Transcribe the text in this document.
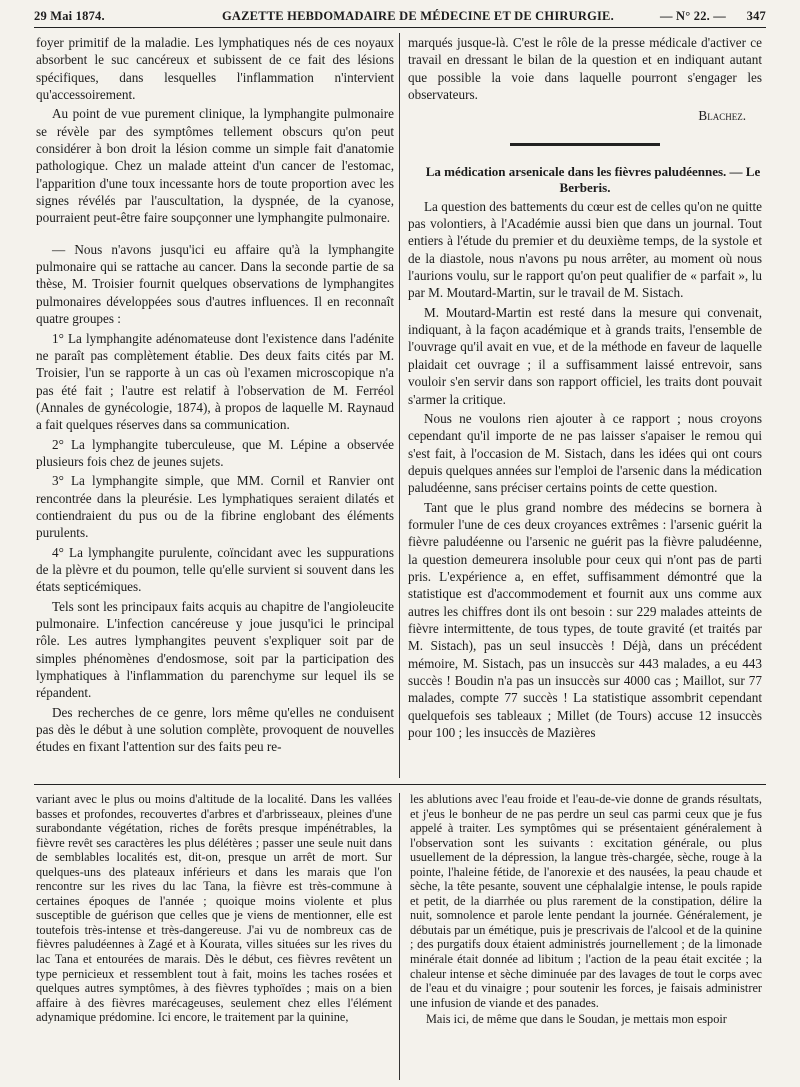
29 Mai 1874.	GAZETTE HEBDOMADAIRE DE MÉDECINE ET DE CHIRURGIE.	— N° 22. — 347

foyer primitif de la maladie. Les lymphatiques nés de ces noyaux absorbent le suc cancéreux et subissent de ce fait des lésions spécifiques, dans lesquelles l'inflammation n'intervient qu'accessoirement.

Au point de vue purement clinique, la lymphangite pulmonaire se révèle par des symptômes tellement obscurs qu'on peut considérer à bon droit la lésion comme un simple fait d'anatomie pathologique. Chez un malade atteint d'un cancer de l'estomac, l'apparition d'une toux incessante hors de toute proportion avec les signes révélés par l'auscultation, la dyspnée, de la cyanose, pourraient peut-être faire soupçonner une lymphangite pulmonaire.

— Nous n'avons jusqu'ici eu affaire qu'à la lymphangite pulmonaire qui se rattache au cancer. Dans la seconde partie de sa thèse, M. Troisier fournit quelques observations de lymphangites pulmonaires développées sous d'autres influences. Il en reconnaît quatre groupes :

1° La lymphangite adénomateuse dont l'existence dans l'adénite ne paraît pas complètement établie. Des deux faits cités par M. Troisier, l'un se rapporte à un cas où l'examen microscopique n'a pas été fait ; l'autre est relatif à l'observation de M. Ferréol (Annales de gynécologie, 1874), à propos de laquelle M. Raynaud a fait quelques réserves dans sa communication.

2° La lymphangite tuberculeuse, que M. Lépine a observée plusieurs fois chez de jeunes sujets.

3° La lymphangite simple, que MM. Cornil et Ranvier ont rencontrée dans la pleurésie. Les lymphatiques seraient dilatés et contiendraient du pus ou de la fibrine englobant des éléments purulents.

4° La lymphangite purulente, coïncidant avec les suppurations de la plèvre et du poumon, telle qu'elle survient si souvent dans les états septicémiques.

Tels sont les principaux faits acquis au chapitre de l'angioleucite pulmonaire. L'infection cancéreuse y joue jusqu'ici le principal rôle. Les autres lymphangites peuvent s'expliquer soit par de simples phénomènes d'endosmose, soit par la participation des lymphatiques à l'inflammation du parenchyme sur lequel ils se répandent.

Des recherches de ce genre, lors même qu'elles ne conduisent pas dès le début à une solution complète, provoquent de nouvelles études en fixant l'attention sur des faits peu re-

marqués jusque-là. C'est le rôle de la presse médicale d'activer ce travail en dressant le bilan de la question et en indiquant autant que possible la voie dans laquelle pourront s'engager les observateurs.

Blachez.

La médication arsenicale dans les fièvres paludéennes. — Le Berberis.

La question des battements du cœur est de celles qu'on ne quitte pas volontiers, à l'Académie aussi bien que dans un journal. Tout entiers à l'étude du premier et du deuxième temps, de la systole et de la diastole, nous n'avons pu nous arrêter, au moment où nous l'aurions voulu, sur le rapport qu'on peut qualifier de « parfait », lu par M. Moutard-Martin, sur le travail de M. Sistach.

M. Moutard-Martin est resté dans la mesure qui convenait, indiquant, à la façon académique et à grands traits, l'ensemble de l'ouvrage qu'il avait en vue, et de la méthode en faveur de laquelle plaidait cet ouvrage ; il a suffisamment laissé entrevoir, sans vouloir s'en servir dans son rapport officiel, les traits dont pouvait s'armer la critique.

Nous ne voulons rien ajouter à ce rapport ; nous croyons cependant qu'il importe de ne pas laisser s'apaiser le remou qui s'est fait, à l'occasion de M. Sistach, dans les idées qui ont cours depuis quelques années sur l'emploi de l'arsenic dans la médication paludéenne, sans préciser certains points de cette question.

Tant que le plus grand nombre des médecins se bornera à formuler l'une de ces deux croyances extrêmes : l'arsenic guérit la fièvre paludéenne ou l'arsenic ne guérit pas la fièvre paludéenne, la question demeurera insoluble pour ceux qui n'ont pas de parti pris. L'expérience a, en effet, suffisamment démontré que la statistique est d'accommodement et fournit aux uns comme aux autres les chiffres dont ils ont besoin : sur 229 malades atteints de fièvre intermittente, de tous types, de toute gravité (et traités par M. Sistach), pas un seul insuccès ! Déjà, dans un précédent mémoire, M. Sistach, pas un insuccès sur 443 malades, a eu 443 succès ! Boudin n'a pas un insuccès sur 4000 cas ; Maillot, sur 77 malades, compte 77 succès ! La statistique assombrit cependant quelquefois ses tableaux ; Millet (de Tours) accuse 12 insuccès pour 100 ; les insuccès de Mazières

variant avec le plus ou moins d'altitude de la localité. Dans les vallées basses et profondes, recouvertes d'arbres et d'arbrisseaux, pleines d'une surabondante végétation, riches de forêts presque impénétrables, la fièvre revêt ses caractères les plus délétères ; passer une seule nuit dans de semblables localités est, dit-on, presque un arrêt de mort. Sur quelques-uns des plateaux inférieurs et dans les marais que l'on rencontre sur les rives du lac Tana, la fièvre est très-commune à certaines époques de l'année ; quoique moins violente et plus susceptible de guérison que celles que je viens de mentionner, elle est toutefois très-intense et très-dangereuse. J'ai vu de nombreux cas de fièvres paludéennes à Zagé et à Kourata, villes situées sur les rives du lac Tana et entourées de marais. Dès le début, ces fièvres revêtent un type pernicieux et ressemblent tout à fait, moins les taches rosées et quelques autres symptômes, à des fièvres typhoïdes ; mais on a bien affaire à des fièvres marécageuses, seulement chez elles l'élément adynamique prédomine. Ici encore, le traitement par la quinine,

les ablutions avec l'eau froide et l'eau-de-vie donne de grands résultats, et j'eus le bonheur de ne pas perdre un seul cas parmi ceux que je fus appelé à traiter. Les symptômes qui se présentaient généralement à l'observation sont les suivants : excitation générale, ou plus usuellement de la dépression, la langue très-chargée, sèche, rouge à la pointe, l'haleine fétide, de l'anorexie et des nausées, la peau chaude et sèche, la tête pesante, souvent une céphalalgie intense, le pouls rapide et petit, de la diarrhée ou plus rarement de la constipation, délire la nuit, somnolence et parole lente pendant la journée. Généralement, je débutais par un émétique, puis je prescrivais de l'alcool et de la quinine ; des purgatifs doux étaient administrés journellement ; de la limonade minérale était donnée ad libitum ; l'action de la peau était excitée ; la chaleur intense et sèche diminuée par des lavages de tout le corps avec de l'eau et du vinaigre ; pour soutenir les forces, je faisais administrer une infusion de viande et des panades.

Mais ici, de même que dans le Soudan, je mettais mon espoir
